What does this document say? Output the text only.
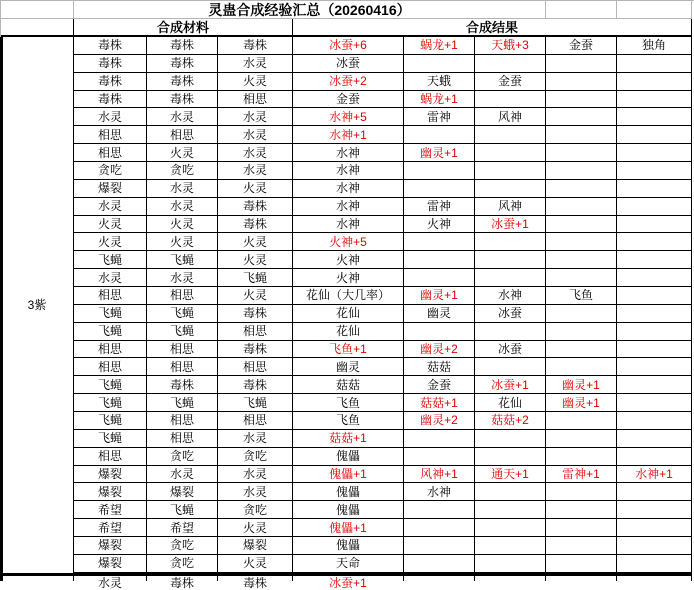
灵蛊合成经验汇总（20260416）
合成材料	合成结果
3紫
毒株	毒株	毒株	冰蚕+6	蜗龙+1	天蛾+3	金蚕	独角
毒株	毒株	水灵	冰蚕
毒株	毒株	火灵	冰蚕+2	天蛾	金蚕
毒株	毒株	相思	金蚕	蜗龙+1
水灵	水灵	水灵	水神+5	雷神	风神
相思	相思	水灵	水神+1
相思	火灵	水灵	水神	幽灵+1
贪吃	贪吃	水灵	水神
爆裂	水灵	火灵	水神
水灵	水灵	毒株	水神	雷神	风神
火灵	火灵	毒株	水神	火神	冰蚕+1
火灵	火灵	火灵	火神+5
飞蝇	飞蝇	火灵	火神
水灵	水灵	飞蝇	火神
相思	相思	火灵	花仙（大几率）	幽灵+1	水神	飞鱼
飞蝇	飞蝇	毒株	花仙	幽灵	冰蚕
飞蝇	飞蝇	相思	花仙
相思	相思	毒株	飞鱼+1	幽灵+2	冰蚕
相思	相思	相思	幽灵	菇菇
飞蝇	毒株	毒株	菇菇	金蚕	冰蚕+1	幽灵+1
飞蝇	飞蝇	飞蝇	飞鱼	菇菇+1	花仙	幽灵+1
飞蝇	相思	相思	飞鱼	幽灵+2	菇菇+2
飞蝇	相思	水灵	菇菇+1
相思	贪吃	贪吃	傀儡
爆裂	水灵	水灵	傀儡+1	风神+1	通天+1	雷神+1	水神+1
爆裂	爆裂	水灵	傀儡	水神
希望	飞蝇	贪吃	傀儡
希望	希望	火灵	傀儡+1
爆裂	贪吃	爆裂	傀儡
爆裂	贪吃	火灵	天命
水灵	毒株	毒株	冰蚕+1
